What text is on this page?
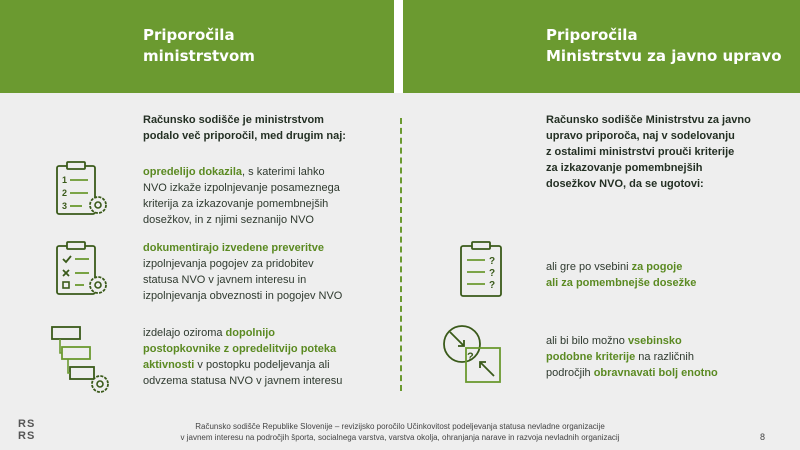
Priporočila
ministrstvom
Priporočila
Ministrstvu za javno upravo
Računsko sodišče je ministrstvom
podalo več priporočil, med drugim naj:
1
2
3
opredelijo dokazila, s katerimi lahko
NVO izkaže izpolnjevanje posameznega
kriterija za izkazovanje pomembnejših
dosežkov, in z njimi seznanijo NVO
dokumentirajo izvedene preveritve
izpolnjevanja pogojev za pridobitev
statusa NVO v javnem interesu in
izpolnjevanja obveznosti in pogojev NVO
izdelajo oziroma dopolnijo
postopkovnike z opredelitvijo poteka
aktivnosti v postopku podeljevanja ali
odvzema statusa NVO v javnem interesu
Računsko sodišče Ministrstvu za javno
upravo priporoča, naj v sodelovanju
z ostalimi ministrstvi prouči kriterije
za izkazovanje pomembnejših
dosežkov NVO, da se ugotovi:
?
?
?
ali gre po vsebini za pogoje
ali za pomembnejše dosežke
?
ali bi bilo možno vsebinsko
podobne kriterije na različnih
področjih obravnavati bolj enotno
RS
RS
Računsko sodišče Republike Slovenije – revizijsko poročilo Učinkovitost podeljevanja statusa nevladne organizacije
v javnem interesu na področjih športa, socialnega varstva, varstva okolja, ohranjanja narave in razvoja nevladnih organizacij	8
